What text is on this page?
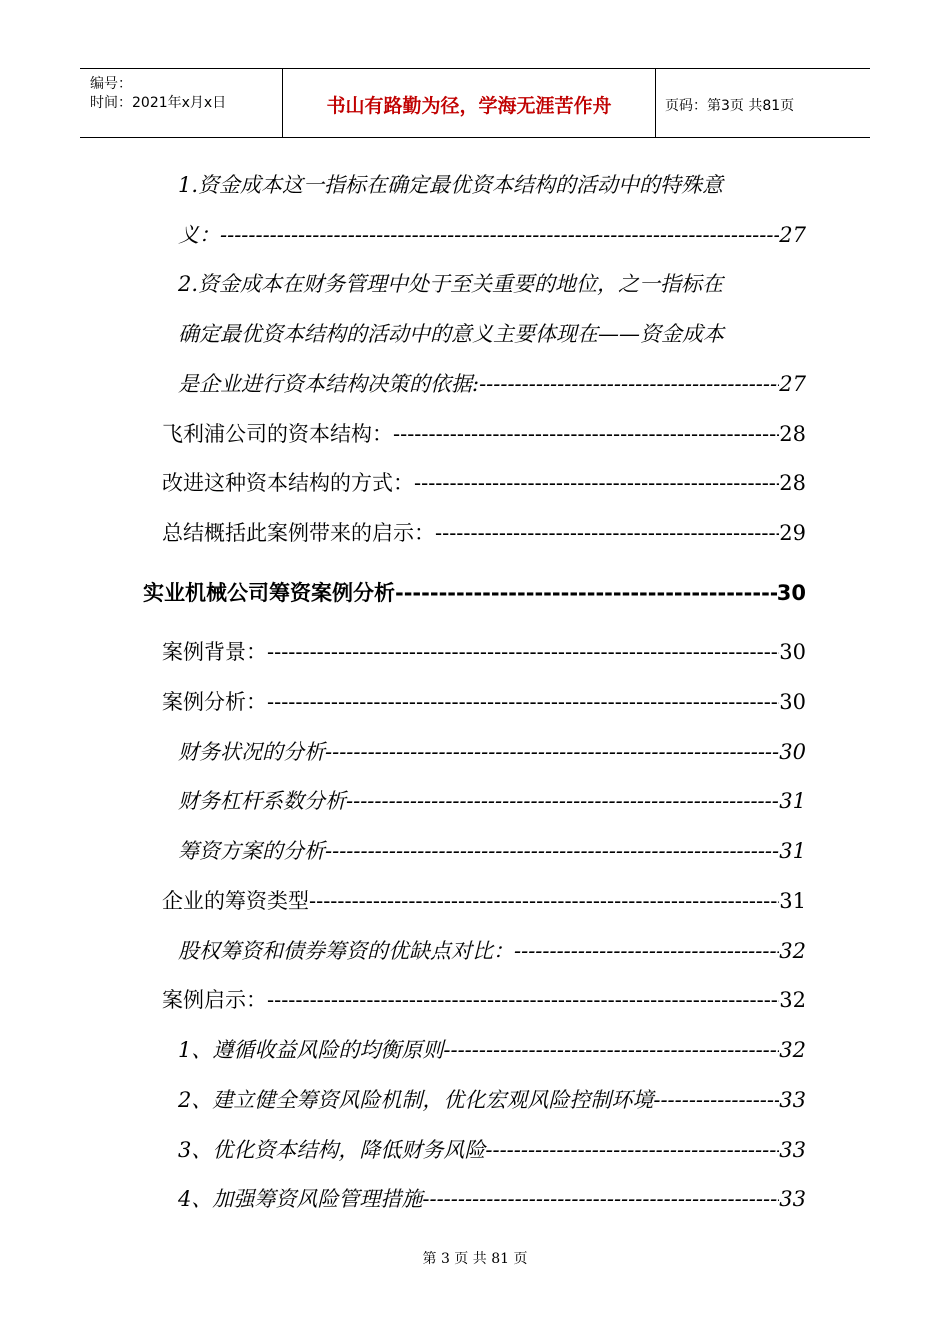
编号：
时间：2021年x月x日	书山有路勤为径，学海无涯苦作舟	页码：第3页 共81页
1.资金成本这一指标在确定最优资本结构的活动中的特殊意
义： -----	27
2.资金成本在财务管理中处于至关重要的地位，之一指标在
确定最优资本结构的活动中的意义主要体现在——资金成本
是企业进行资本结构决策的依据: -----	27
飞利浦公司的资本结构： -----	28
改进这种资本结构的方式： -----	28
总结概括此案例带来的启示： -----	29
实业机械公司筹资案例分析 -----	30
案例背景： -----	30
案例分析： -----	30
财务状况的分析 -----	30
财务杠杆系数分析 -----	31
筹资方案的分析 -----	31
企业的筹资类型 -----	31
股权筹资和债券筹资的优缺点对比： -----	32
案例启示： -----	32
1、遵循收益风险的均衡原则 -----	32
2、建立健全筹资风险机制，优化宏观风险控制环境 -----	33
3、优化资本结构，降低财务风险 -----	33
4、加强筹资风险管理措施 -----	33
第 3 页 共 81 页
